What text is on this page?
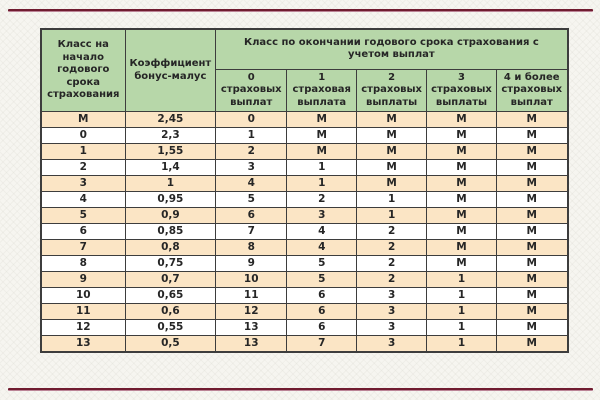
Класс на начало годового срока страхования	Коэффициент бонус-малус	Класс по окончании годового срока страхования с учетом выплат				
		0 страховых выплат	1 страховая выплата	2 страховых выплаты	3 страховых выплаты	4 и более страховых выплат
М	2,45	0	М	М	М	М
0	2,3	1	М	М	М	М
1	1,55	2	М	М	М	М
2	1,4	3	1	М	М	М
3	1	4	1	М	М	М
4	0,95	5	2	1	М	М
5	0,9	6	3	1	М	М
6	0,85	7	4	2	М	М
7	0,8	8	4	2	М	М
8	0,75	9	5	2	М	М
9	0,7	10	5	2	1	М
10	0,65	11	6	3	1	М
11	0,6	12	6	3	1	М
12	0,55	13	6	3	1	М
13	0,5	13	7	3	1	М
